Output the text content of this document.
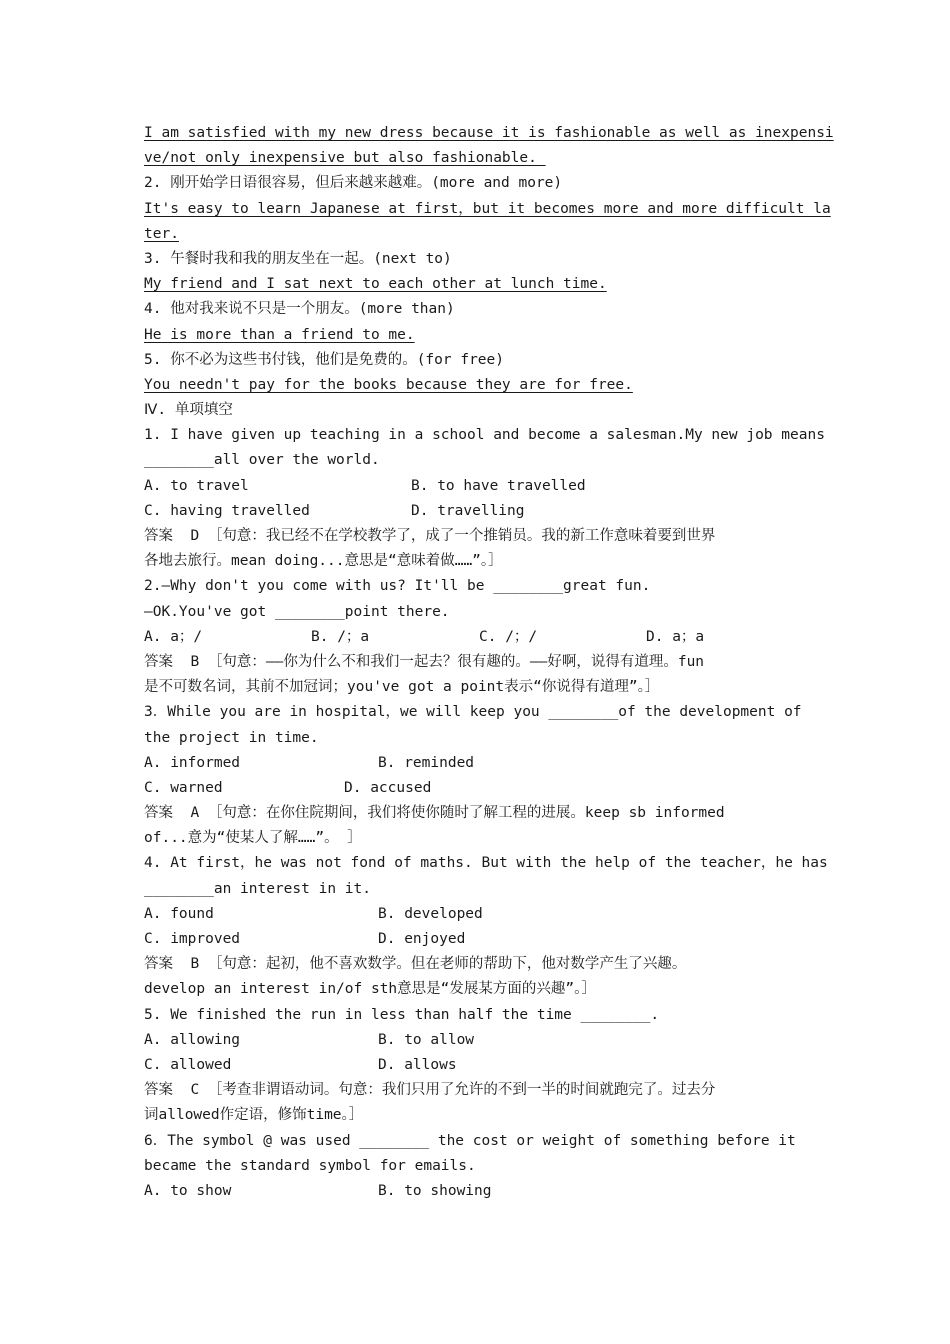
I am satisfied with my new dress because it is fashionable as well as inexpensi
ve/not only inexpensive but also fashionable.
2. 刚开始学日语很容易，但后来越来越难。(more and more)
It's easy to learn Japanese at first，but it becomes more and more difficult la
ter.
3. 午餐时我和我的朋友坐在一起。(next to)
My friend and I sat next to each other at lunch time.
4. 他对我来说不只是一个朋友。(more than)
He is more than a friend to me.
5. 你不必为这些书付钱，他们是免费的。(for free)
You needn't pay for the books because they are for free.
Ⅳ. 单项填空
1. I have given up teaching in a school and become a salesman.My new job means
________all over the world.
A. to travel	B. to have travelled
C. having travelled	D. travelling
答案  D ［句意：我已经不在学校教学了，成了一个推销员。我的新工作意味着要到世界
各地去旅行。mean doing...意思是“意味着做……”。］
2.—Why don't you come with us? It'll be ________great fun.
—OK.You've got ________point there.
A. a；/	B. /；a	C. /；/	D. a；a
答案  B ［句意：——你为什么不和我们一起去？很有趣的。——好啊，说得有道理。fun
是不可数名词，其前不加冠词；you've got a point表示“你说得有道理”。］
3．While you are in hospital，we will keep you ________of the development of
the project in time.
A. informed	B. reminded
C. warned	D. accused
答案  A ［句意：在你住院期间，我们将使你随时了解工程的进展。keep sb informed
of...意为“使某人了解……”。 ］
4. At first，he was not fond of maths. But with the help of the teacher，he has
________an interest in it.
A. found	B. developed
C. improved	D. enjoyed
答案  B ［句意：起初，他不喜欢数学。但在老师的帮助下，他对数学产生了兴趣。
develop an interest in/of sth意思是“发展某方面的兴趣”。］
5. We finished the run in less than half the time ________.
A. allowing	B. to allow
C. allowed	D. allows
答案  C ［考查非谓语动词。句意：我们只用了允许的不到一半的时间就跑完了。过去分
词allowed作定语，修饰time。］
6．The symbol @ was used ________ the cost or weight of something before it
became the standard symbol for emails.
A. to show	B. to showing
